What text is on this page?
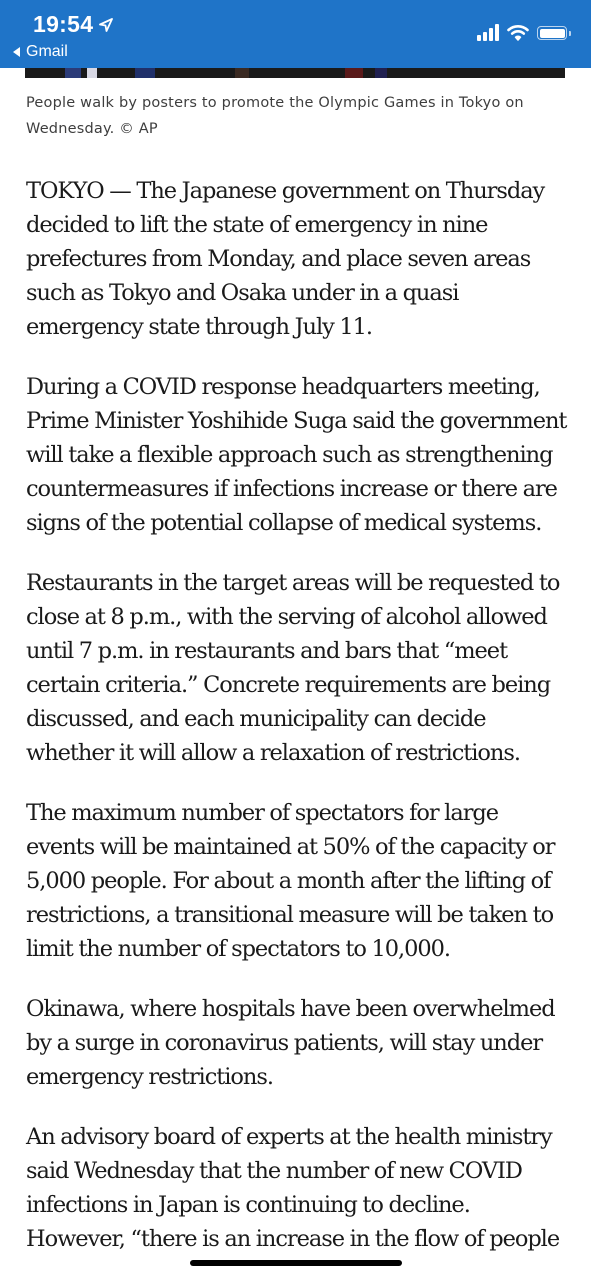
19:54
Gmail

People walk by posters to promote the Olympic Games in Tokyo on Wednesday. © AP

TOKYO — The Japanese government on Thursday decided to lift the state of emergency in nine prefectures from Monday, and place seven areas such as Tokyo and Osaka under in a quasi emergency state through July 11.

During a COVID response headquarters meeting, Prime Minister Yoshihide Suga said the government will take a flexible approach such as strengthening countermeasures if infections increase or there are signs of the potential collapse of medical systems.

Restaurants in the target areas will be requested to close at 8 p.m., with the serving of alcohol allowed until 7 p.m. in restaurants and bars that “meet certain criteria.” Concrete requirements are being discussed, and each municipality can decide whether it will allow a relaxation of restrictions.

The maximum number of spectators for large events will be maintained at 50% of the capacity or 5,000 people. For about a month after the lifting of restrictions, a transitional measure will be taken to limit the number of spectators to 10,000.

Okinawa, where hospitals have been overwhelmed by a surge in coronavirus patients, will stay under emergency restrictions.

An advisory board of experts at the health ministry said Wednesday that the number of new COVID infections in Japan is continuing to decline. However, “there is an increase in the flow of people
